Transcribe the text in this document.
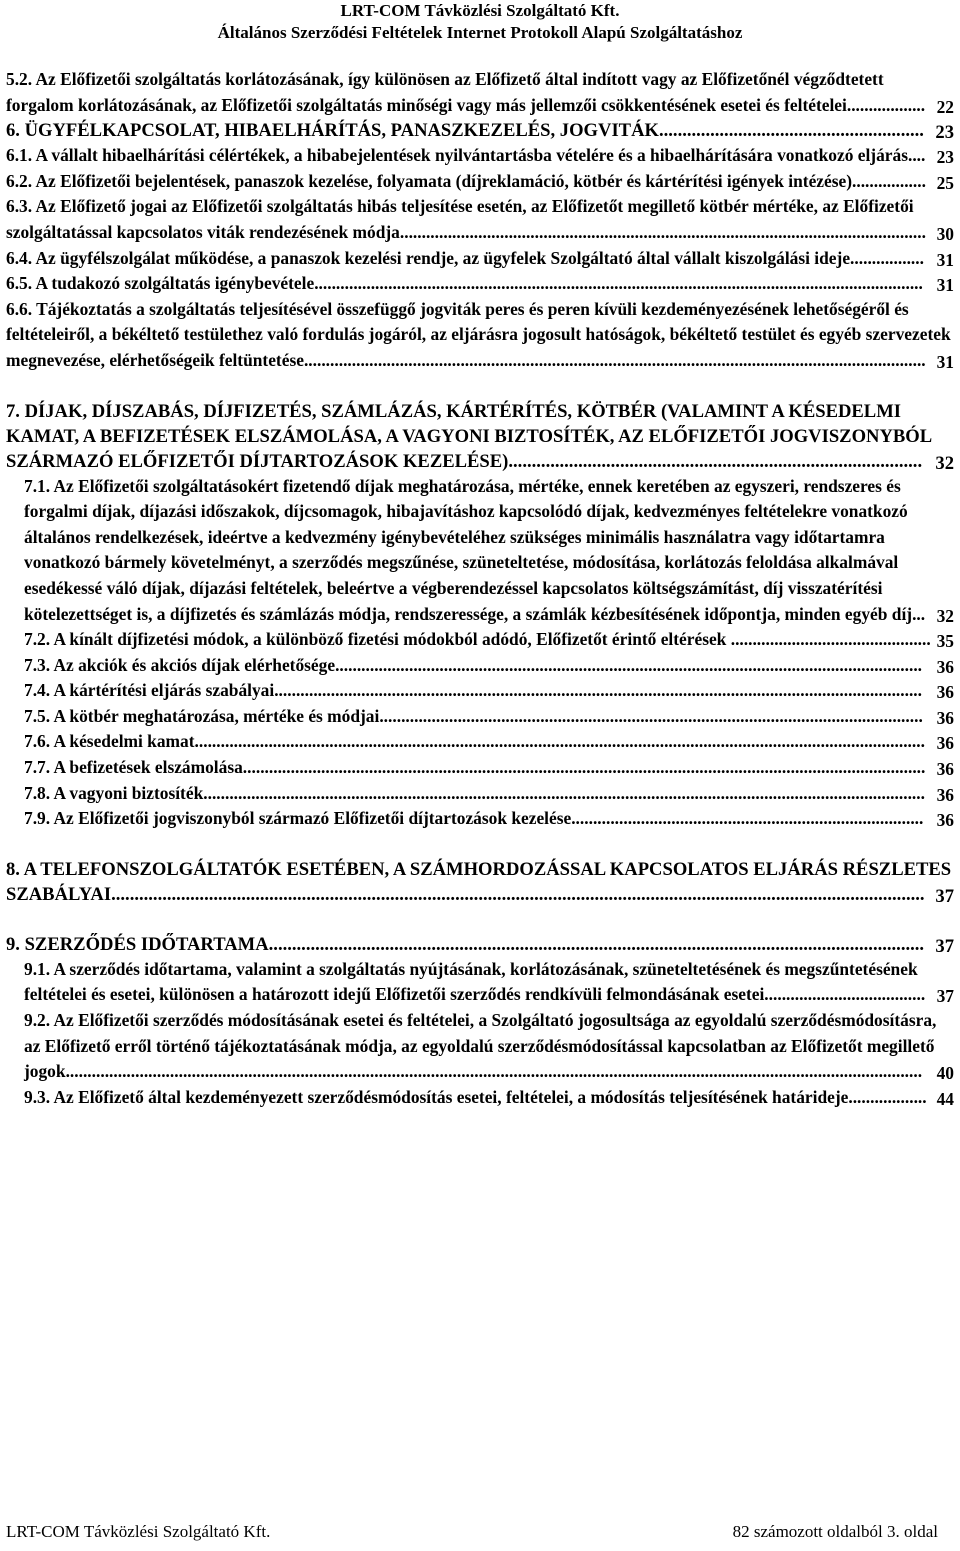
LRT-COM Távközlési Szolgáltató Kft.
Általános Szerződési Feltételek Internet Protokoll Alapú Szolgáltatáshoz
5.2. Az Előfizetői szolgáltatás korlátozásának, így különösen az Előfizető által indított vagy az Előfizetőnél végződtetett forgalom korlátozásának, az Előfizetői szolgáltatás minőségi vagy más jellemzői csökkentésének esetei és feltételei.................. 22
6. ÜGYFÉLKAPCSOLAT, HIBAELHÁRÍTÁS, PANASZKEZELÉS, JOGVITÁK......................................................... 23
6.1. A vállalt hibaelhárítási célértékek, a hibabejelentések nyilvántartásba vételére és a hibaelhárítására vonatkozó eljárás.... 23
6.2. Az Előfizetői bejelentések, panaszok kezelése, folyamata (díjreklamáció, kötbér és kártérítési igények intézése)................. 25
6.3. Az Előfizető jogai az Előfizetői szolgáltatás hibás teljesítése esetén, az Előfizetőt megillető kötbér mértéke, az Előfizetői szolgáltatással kapcsolatos viták rendezésének módja......................................................................................................................... 30
6.4. Az ügyfélszolgálat működése, a panaszok kezelési rendje, az ügyfelek Szolgáltató által vállalt kiszolgálási ideje................. 31
6.5. A tudakozó szolgáltatás igénybevétele............................................................................................................................................ 31
6.6. Tájékoztatás a szolgáltatás teljesítésével összefüggő jogviták peres és peren kívüli kezdeményezésének lehetőségéről és feltételeiről, a békéltető testülethez való fordulás jogáról, az eljárásra jogosult hatóságok, békéltető testület és egyéb szervezetek megnevezése, elérhetőségeik feltüntetése............................................................................................................................................... 31
7. DÍJAK, DÍJSZABÁS, DÍJFIZETÉS, SZÁMLÁZÁS, KÁRTÉRÍTÉS, KÖTBÉR (VALAMINT A KÉSEDELMI KAMAT, A BEFIZETÉSEK ELSZÁMOLÁSA, A VAGYONI BIZTOSÍTÉK, AZ ELŐFIZETŐI JOGVISZONYBÓL SZÁRMAZÓ ELŐFIZETŐI DÍJTARTOZÁSOK KEZELÉSE)......................................................................................... 32
7.1. Az Előfizetői szolgáltatásokért fizetendő díjak meghatározása, mértéke, ennek keretében az egyszeri, rendszeres és forgalmi díjak, díjazási időszakok, díjcsomagok, hibajavításhoz kapcsolódó díjak, kedvezményes feltételekre vonatkozó általános rendelkezések, ideértve a kedvezmény igénybevételéhez szükséges minimális használatra vagy időtartamra vonatkozó bármely követelményt, a szerződés megszűnése, szüneteltetése, módosítása, korlátozás feloldása alkalmával esedékessé váló díjak, díjazási feltételek, beleértve a végberendezéssel kapcsolatos költségszámítást, díj visszatérítési kötelezettséget is, a díjfizetés és számlázás módja, rendszeressége, a számlák kézbesítésének időpontja, minden egyéb díj... 32
7.2. A kínált díjfizetési módok, a különböző fizetési módokból adódó, Előfizetőt érintő eltérések .............................................. 35
7.3. Az akciók és akciós díjak elérhetősége....................................................................................................................................... 36
7.4. A kártérítési eljárás szabályai..................................................................................................................................................... 36
7.5. A kötbér meghatározása, mértéke és módjai............................................................................................................................. 36
7.6. A késedelmi kamat........................................................................................................................................................................ 36
7.7. A befizetések elszámolása............................................................................................................................................................. 36
7.8. A vagyoni biztosíték...................................................................................................................................................................... 36
7.9. Az Előfizetői jogviszonyból származó Előfizetői díjtartozások kezelése................................................................................. 36
8. A TELEFONSZOLGÁLTATÓK ESETÉBEN, A SZÁMHORDOZÁSSAL KAPCSOLATOS ELJÁRÁS RÉSZLETES SZABÁLYAI............................................................................................................................................................................... 37
9. SZERZŐDÉS IDŐTARTAMA............................................................................................................................................. 37
9.1. A szerződés időtartama, valamint a szolgáltatás nyújtásának, korlátozásának, szüneteltetésének és megszűntetésének feltételei és esetei, különösen a határozott idejű Előfizetői szerződés rendkívüli felmondásának esetei..................................... 37
9.2. Az Előfizetői szerződés módosításának esetei és feltételei, a Szolgáltató jogosultsága az egyoldalú szerződésmódosításra, az Előfizető erről történő tájékoztatásának módja, az egyoldalú szerződésmódosítással kapcsolatban az Előfizetőt megillető jogok..................................................................................................................................................................................................... 40
9.3. Az Előfizető által kezdeményezett szerződésmódosítás esetei, feltételei, a módosítás teljesítésének határideje.................. 44
LRT-COM Távközlési Szolgáltató Kft.	82 számozott oldalból 3. oldal
